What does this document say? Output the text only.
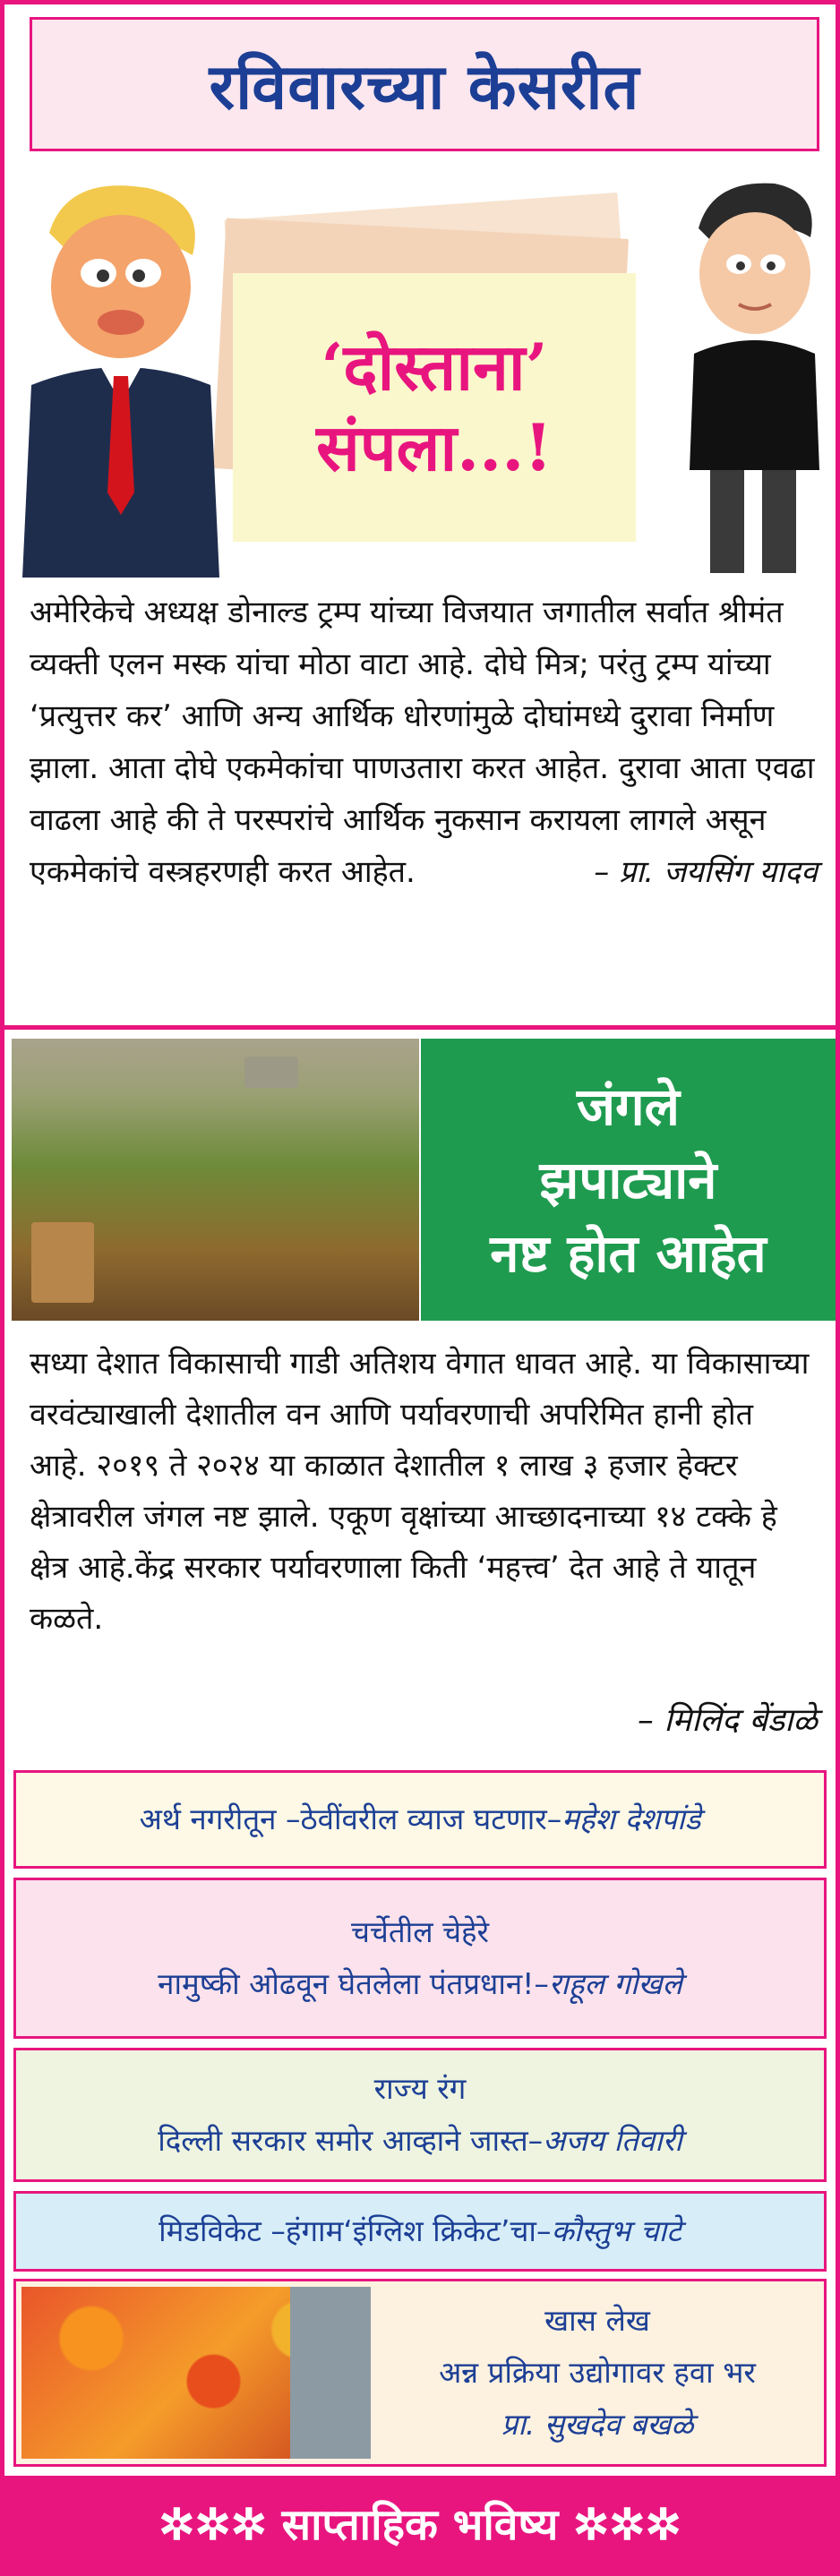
रविवारच्या केसरीत
‘दोस्ताना’
संपला...!
अमेरिकेचे अध्यक्ष डोनाल्ड ट्रम्प यांच्या विजयात जगातील सर्वात श्रीमंत व्यक्ती एलन मस्क यांचा मोठा वाटा आहे. दोघे मित्र; परंतु ट्रम्प यांच्या ‘प्रत्युत्तर कर’ आणि अन्य आर्थिक धोरणांमुळे दोघांमध्ये दुरावा निर्माण झाला. आता दोघे एकमेकांचा पाणउतारा करत आहेत. दुरावा आता एवढा वाढला आहे की ते परस्परांचे आर्थिक नुकसान करायला लागले असून एकमेकांचे वस्त्रहरणही करत आहेत.	– प्रा. जयसिंग यादव
जंगले
झपाट्याने
नष्ट होत आहेत
सध्या देशात विकासाची गाडी अतिशय वेगात धावत आहे. या विकासाच्या वरवंट्याखाली देशातील वन आणि पर्यावरणाची अपरिमित हानी होत आहे. २०१९ ते २०२४ या काळात देशातील १ लाख ३ हजार हेक्टर क्षेत्रावरील जंगल नष्ट झाले. एकूण वृक्षांच्या आच्छादनाच्या १४ टक्के हे क्षेत्र आहे.केंद्र सरकार पर्यावरणाला किती ‘महत्त्व’ देत आहे ते यातून कळते.
– मिलिंद बेंडाळे
अर्थ नगरीतून –ठेवींवरील व्याज घटणार–महेश देशपांडे
चर्चेतील चेहेरे
नामुष्की ओढवून घेतलेला पंतप्रधान!–राहूल गोखले
राज्य रंग
दिल्ली सरकार समोर आव्हाने जास्त–अजय तिवारी
मिडविकेट –हंगाम‘इंग्लिश क्रिकेट’चा–कौस्तुभ चाटे
खास लेख
अन्न प्रक्रिया उद्योगावर हवा भर
प्रा. सुखदेव बखळे
✲✲✲ साप्ताहिक भविष्य ✲✲✲
